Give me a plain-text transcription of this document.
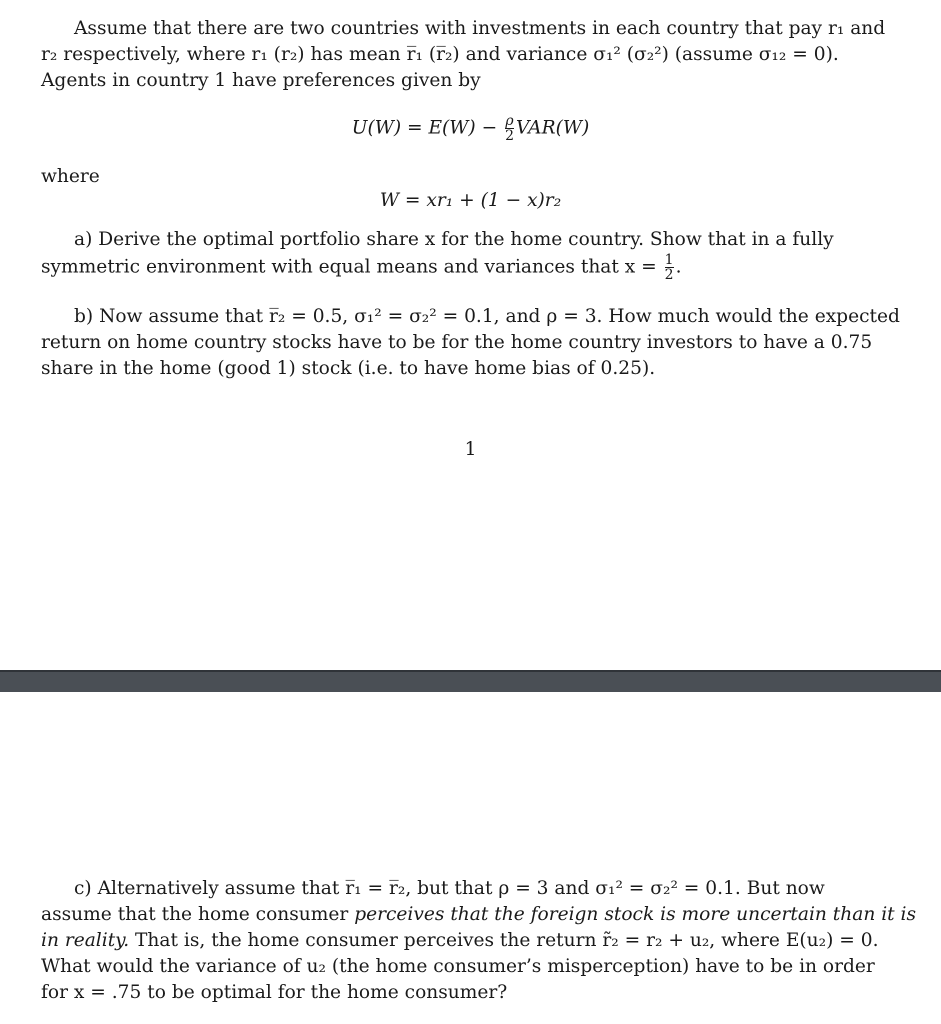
Assume that there are two countries with investments in each country that pay r₁ and
r₂ respectively, where r₁ (r₂) has mean r̅₁ (r̅₂) and variance σ₁² (σ₂²) (assume σ₁₂ = 0).
Agents in country 1 have preferences given by
$U(W) = E(W) - \frac{\rho}{2} VAR(W)$
where
W = xr₁ + (1 − x)r₂
a) Derive the optimal portfolio share x for the home country. Show that in a fully
symmetric environment with equal means and variances that $x = \frac{1}{2}$ .
b) Now assume that r̅₂ = 0.5, σ₁² = σ₂² = 0.1, and ρ = 3. How much would the expected
return on home country stocks have to be for the home country investors to have a 0.75
share in the home (good 1) stock (i.e. to have home bias of 0.25).
1
c) Alternatively assume that r̅₁ = r̅₂, but that ρ = 3 and σ₁² = σ₂² = 0.1. But now
assume that the home consumer perceives that the foreign stock is more uncertain than it is
in reality. That is, the home consumer perceives the return r̃₂ = r₂ + u₂, where E(u₂) = 0.
What would the variance of u₂ (the home consumer’s misperception) have to be in order
for x = .75 to be optimal for the home consumer?
